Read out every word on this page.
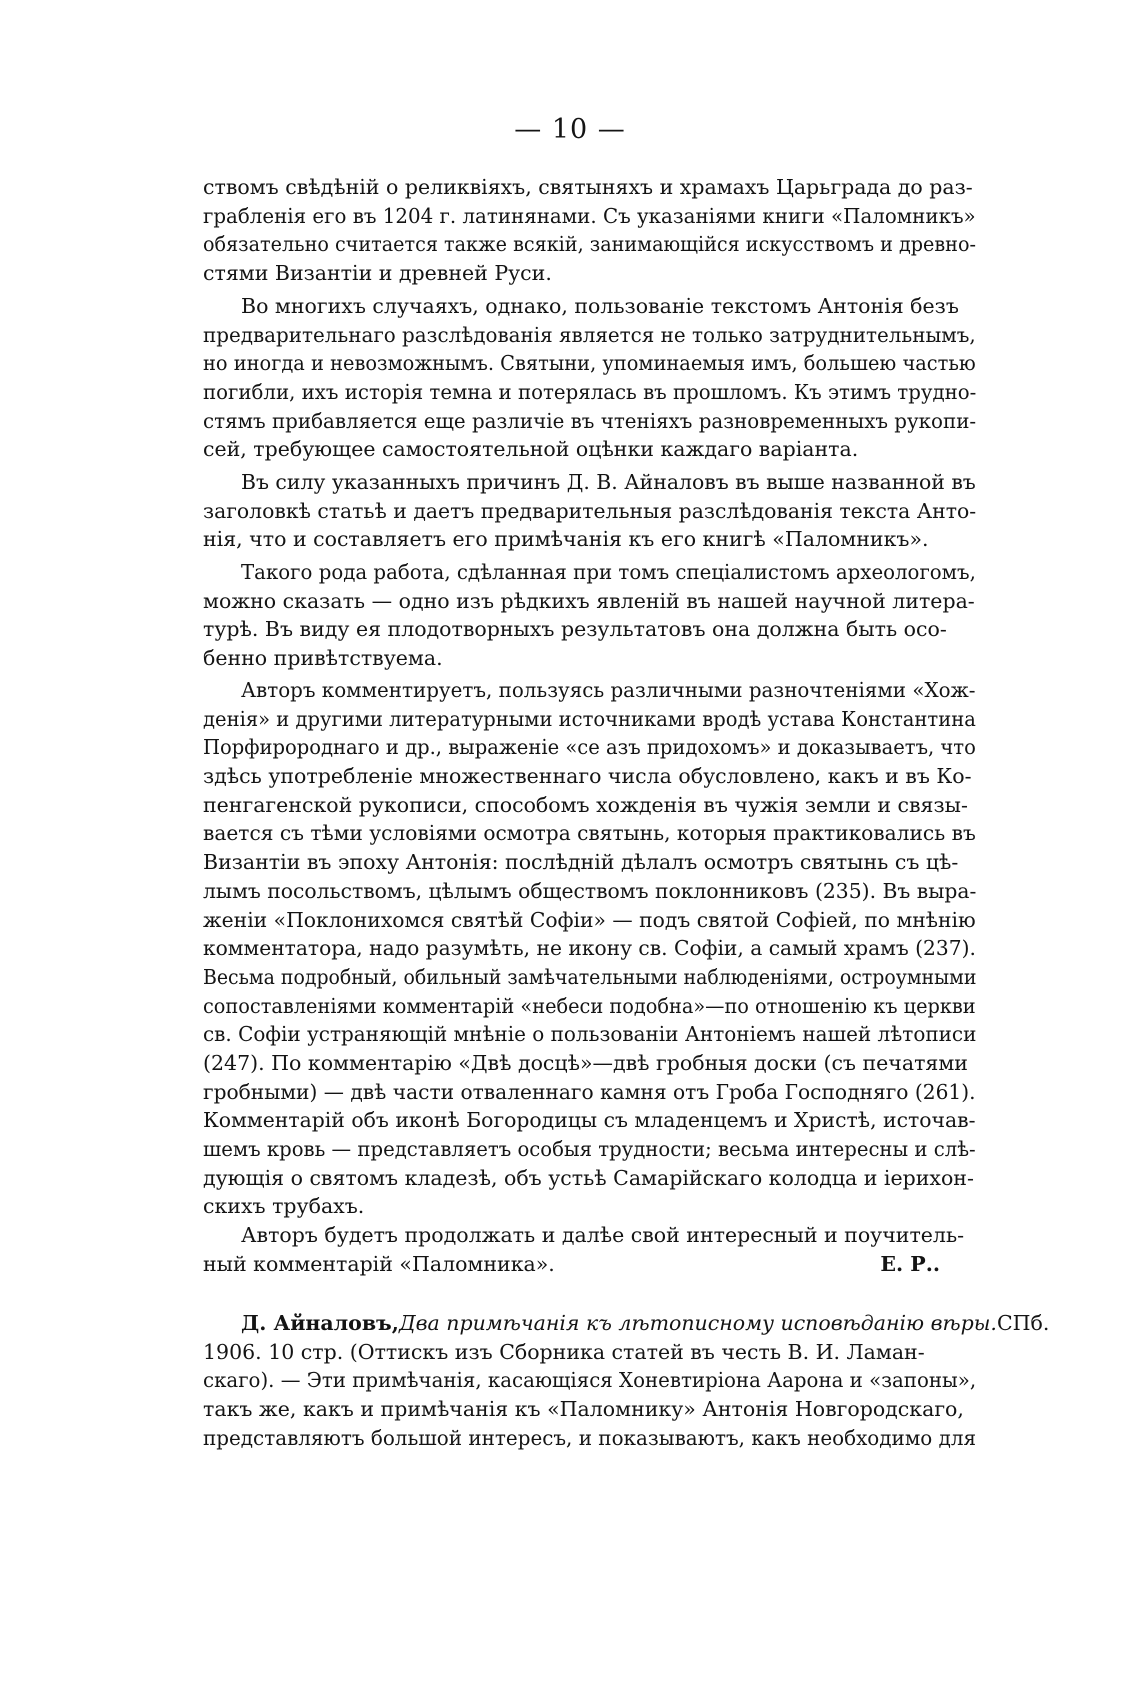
— 10 —
ствомъ свѣдѣній о реликвіяхъ, святыняхъ и храмахъ Царьграда до раз-
грабленія его въ 1204 г. латинянами. Съ указаніями книги «Паломникъ»
обязательно считается также всякій, занимающійся искусствомъ и древно-
стями Византіи и древней Руси.
Во многихъ случаяхъ, однако, пользованіе текстомъ Антонія безъ
предварительнаго разслѣдованія является не только затруднительнымъ,
но иногда и невозможнымъ. Святыни, упоминаемыя имъ, большею частью
погибли, ихъ исторія темна и потерялась въ прошломъ. Къ этимъ трудно-
стямъ прибавляется еще различіе въ чтеніяхъ разновременныхъ рукопи-
сей, требующее самостоятельной оцѣнки каждаго варіанта.
Въ силу указанныхъ причинъ Д. В. Айналовъ въ выше названной въ
заголовкѣ статьѣ и даетъ предварительныя разслѣдованія текста Анто-
нія, что и составляетъ его примѣчанія къ его книгѣ «Паломникъ».
Такого рода работа, сдѣланная при томъ спеціалистомъ археологомъ,
можно сказать — одно изъ рѣдкихъ явленій въ нашей научной литера-
турѣ. Въ виду ея плодотворныхъ результатовъ она должна быть осо-
бенно привѣтствуема.
Авторъ комментируетъ, пользуясь различными разночтеніями «Хож-
денія» и другими литературными источниками вродѣ устава Константина
Порфиророднаго и др., выраженіе «се азъ придохомъ» и доказываетъ, что
здѣсь употребленіе множественнаго числа обусловлено, какъ и въ Ко-
пенгагенской рукописи, способомъ хожденія въ чужія земли и связы-
вается съ тѣми условіями осмотра святынь, которыя практиковались въ
Византіи въ эпоху Антонія: послѣдній дѣлалъ осмотръ святынь съ цѣ-
лымъ посольствомъ, цѣлымъ обществомъ поклонниковъ (235). Въ выра-
женіи «Поклонихомся святѣй Софіи» — подъ святой Софіей, по мнѣнію
комментатора, надо разумѣть, не икону св. Софіи, а самый храмъ (237).
Весьма подробный, обильный замѣчательными наблюденіями, остроумными
сопоставленіями комментарій «небеси подобна»—по отношенію къ церкви
св. Софіи устраняющій мнѣніе о пользованіи Антоніемъ нашей лѣтописи
(247). По комментарію «Двѣ досцѣ»—двѣ гробныя доски (съ печатями
гробными) — двѣ части отваленнаго камня отъ Гроба Господняго (261).
Комментарій объ иконѣ Богородицы съ младенцемъ и Христѣ, источав-
шемъ кровь — представляетъ особыя трудности; весьма интересны и слѣ-
дующія о святомъ кладезѣ, объ устьѣ Самарійскаго колодца и іерихон-
скихъ трубахъ.
Авторъ будетъ продолжать и далѣе свой интересный и поучитель-
ный комментарій «Паломника».	Е. Р..
Д. Айналовъ, Два примѣчанія къ лѣтописному исповѣданію вѣры. СПб.
1906. 10 стр. (Оттискъ изъ Сборника статей въ честь В. И. Ламан-
скаго). — Эти примѣчанія, касающіяся Хоневтиріона Аарона и «запоны»,
такъ же, какъ и примѣчанія къ «Паломнику» Антонія Новгородскаго,
представляютъ большой интересъ, и показываютъ, какъ необходимо для
